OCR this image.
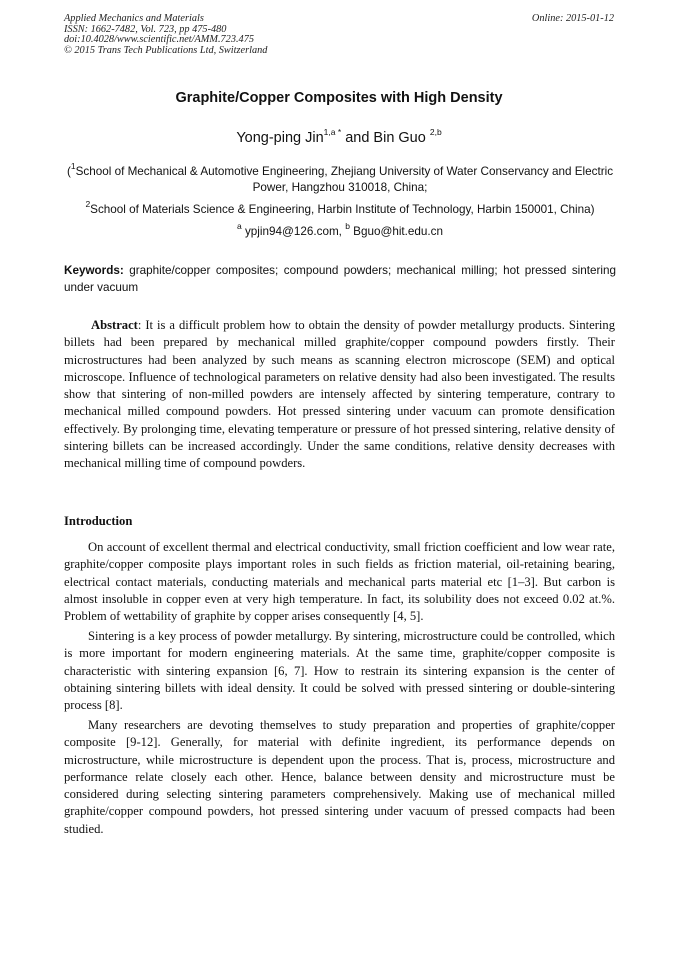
Applied Mechanics and Materials
ISSN: 1662-7482, Vol. 723, pp 475-480
doi:10.4028/www.scientific.net/AMM.723.475
© 2015 Trans Tech Publications Ltd, Switzerland
Online: 2015-01-12
Graphite/Copper Composites with High Density
Yong-ping Jin$^{1,a *}$ and Bin Guo $^{2,b}$
($^1$School of Mechanical & Automotive Engineering, Zhejiang University of Water Conservancy and Electric Power, Hangzhou 310018, China;
$^2$School of Materials Science & Engineering, Harbin Institute of Technology, Harbin 150001, China)
$^a$ ypjin94@126.com, $^b$ Bguo@hit.edu.cn
Keywords: graphite/copper composites; compound powders; mechanical milling; hot pressed sintering under vacuum

Abstract: It is a difficult problem how to obtain the density of powder metallurgy products. Sintering billets had been prepared by mechanical milled graphite/copper compound powders firstly. Their microstructures had been analyzed by such means as scanning electron microscope (SEM) and optical microscope. Influence of technological parameters on relative density had also been investigated. The results show that sintering of non-milled powders are intensely affected by sintering temperature, contrary to mechanical milled compound powders. Hot pressed sintering under vacuum can promote densification effectively. By prolonging time, elevating temperature or pressure of hot pressed sintering, relative density of sintering billets can be increased accordingly. Under the same conditions, relative density decreases with mechanical milling time of compound powders.

Introduction

On account of excellent thermal and electrical conductivity, small friction coefficient and low wear rate, graphite/copper composite plays important roles in such fields as friction material, oil-retaining bearing, electrical contact materials, conducting materials and mechanical parts material etc [1–3]. But carbon is almost insoluble in copper even at very high temperature. In fact, its solubility does not exceed 0.02 at.%. Problem of wettability of graphite by copper arises consequently [4, 5].

Sintering is a key process of powder metallurgy. By sintering, microstructure could be controlled, which is more important for modern engineering materials. At the same time, graphite/copper composite is characteristic with sintering expansion [6, 7]. How to restrain its sintering expansion is the center of obtaining sintering billets with ideal density. It could be solved with pressed sintering or double-sintering process [8].

Many researchers are devoting themselves to study preparation and properties of graphite/copper composite [9-12]. Generally, for material with definite ingredient, its performance depends on microstructure, while microstructure is dependent upon the process. That is, process, microstructure and performance relate closely each other. Hence, balance between density and microstructure must be considered during selecting sintering parameters comprehensively. Making use of mechanical milled graphite/copper compound powders, hot pressed sintering under vacuum of pressed compacts had been studied.
